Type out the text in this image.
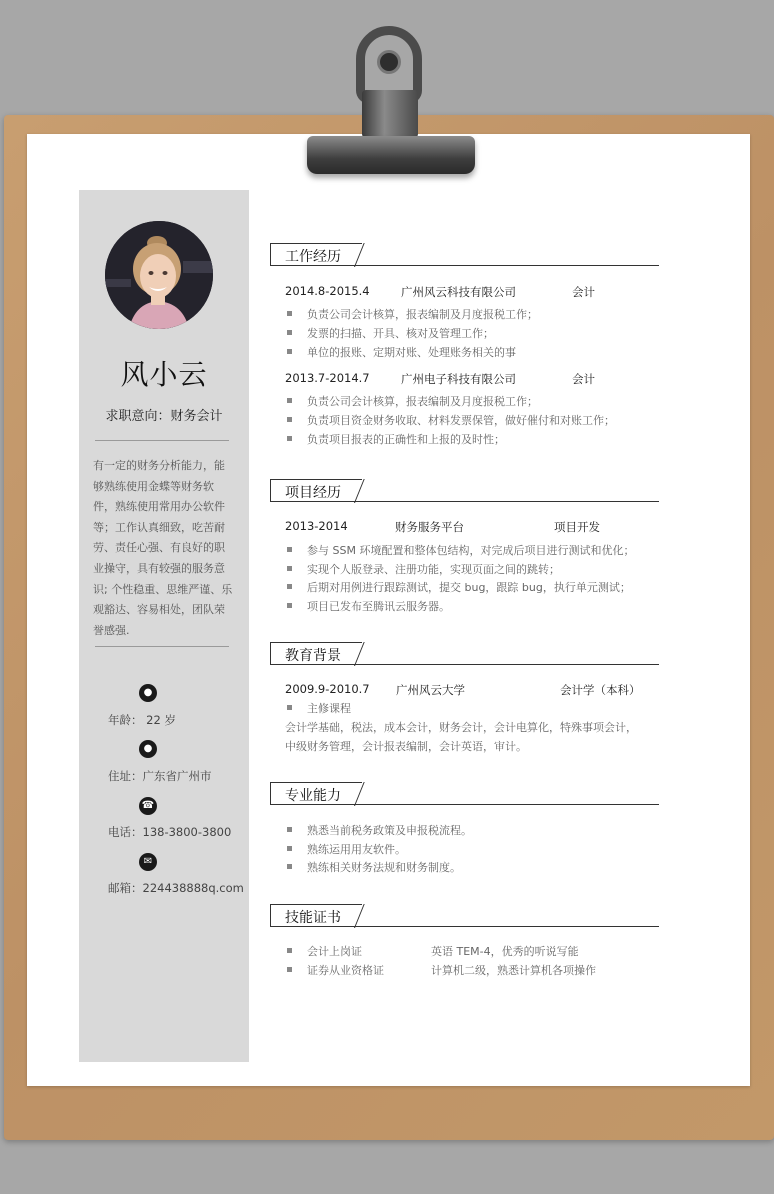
风小云
求职意向：财务会计
有一定的财务分析能力，能够熟练使用金蝶等财务软件，熟练使用常用办公软件等；工作认真细致，吃苦耐劳、责任心强、有良好的职业操守，具有较强的服务意识; 个性稳重、思维严谨、乐观豁达、容易相处，团队荣誉感强.
●
年龄： 22 岁
●
住址：广东省广州市
☎
电话：138-3800-3800
✉
邮箱：224438888q.com
工作经历
2014.8-2015.4	广州风云科技有限公司	会计
负责公司会计核算，报表编制及月度报税工作；
发票的扫描、开具、核对及管理工作；
单位的报账、定期对账、处理账务相关的事
2013.7-2014.7	广州电子科技有限公司	会计
负责公司会计核算，报表编制及月度报税工作；
负责项目资金财务收取、材料发票保管，做好催付和对账工作；
负责项目报表的正确性和上报的及时性；
项目经历
2013-2014	财务服务平台	项目开发
参与 SSM 环境配置和整体包结构，对完成后项目进行测试和优化；
实现个人版登录、注册功能，实现页面之间的跳转；
后期对用例进行跟踪测试，提交 bug，跟踪 bug，执行单元测试；
项目已发布至腾讯云服务器。
教育背景
2009.9-2010.7 广州风云大学	会计学（本科）
主修课程
会计学基础，税法，成本会计，财务会计，会计电算化，特殊事项会计，
中级财务管理，会计报表编制，会计英语，审计。
专业能力
熟悉当前税务政策及申报税流程。
熟练运用用友软件。
熟练相关财务法规和财务制度。
技能证书
会计上岗证	英语 TEM-4，优秀的听说写能
证券从业资格证	计算机二级，熟悉计算机各项操作
